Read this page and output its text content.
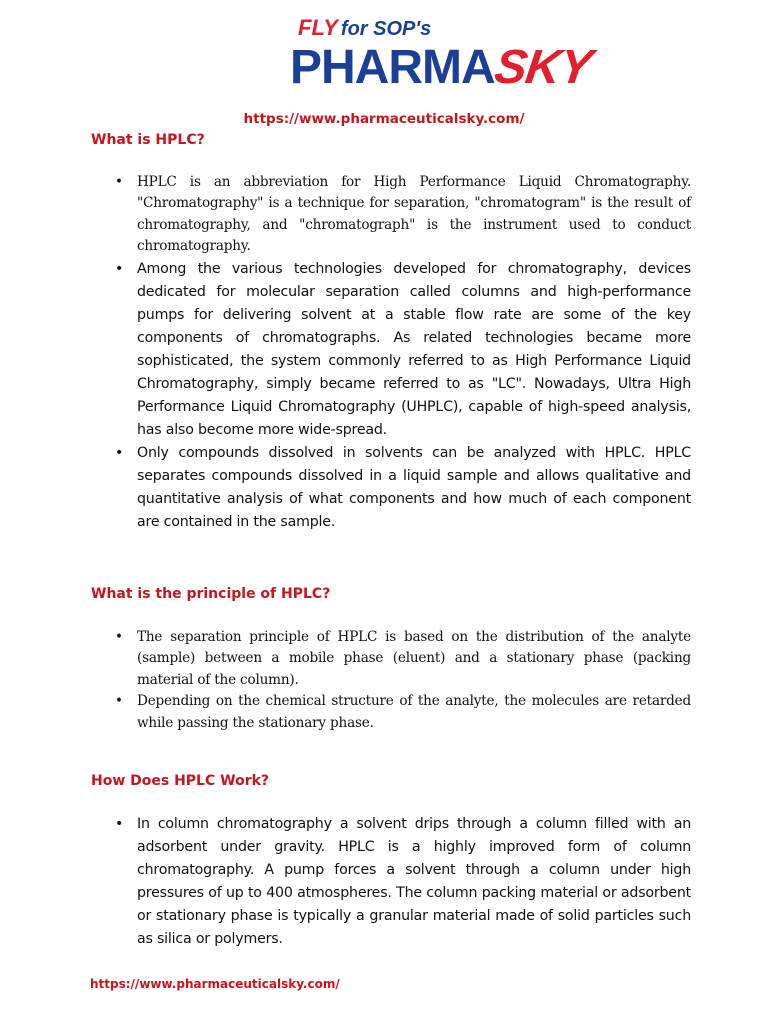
FLY for SOP's
PHARMASKY
https://www.pharmaceuticalsky.com/
What is HPLC?
• HPLC is an abbreviation for High Performance Liquid Chromatography. "Chromatography" is a technique for separation, "chromatogram" is the result of chromatography, and "chromatograph" is the instrument used to conduct chromatography.
• Among the various technologies developed for chromatography, devices dedicated for molecular separation called columns and high-performance pumps for delivering solvent at a stable flow rate are some of the key components of chromatographs. As related technologies became more sophisticated, the system commonly referred to as High Performance Liquid Chromatography, simply became referred to as "LC". Nowadays, Ultra High Performance Liquid Chromatography (UHPLC), capable of high-speed analysis, has also become more wide-spread.
• Only compounds dissolved in solvents can be analyzed with HPLC. HPLC separates compounds dissolved in a liquid sample and allows qualitative and quantitative analysis of what components and how much of each component are contained in the sample.
What is the principle of HPLC?
• The separation principle of HPLC is based on the distribution of the analyte (sample) between a mobile phase (eluent) and a stationary phase (packing material of the column).
• Depending on the chemical structure of the analyte, the molecules are retarded while passing the stationary phase.
How Does HPLC Work?
• In column chromatography a solvent drips through a column filled with an adsorbent under gravity. HPLC is a highly improved form of column chromatography. A pump forces a solvent through a column under high pressures of up to 400 atmospheres. The column packing material or adsorbent or stationary phase is typically a granular material made of solid particles such as silica or polymers.
https://www.pharmaceuticalsky.com/
